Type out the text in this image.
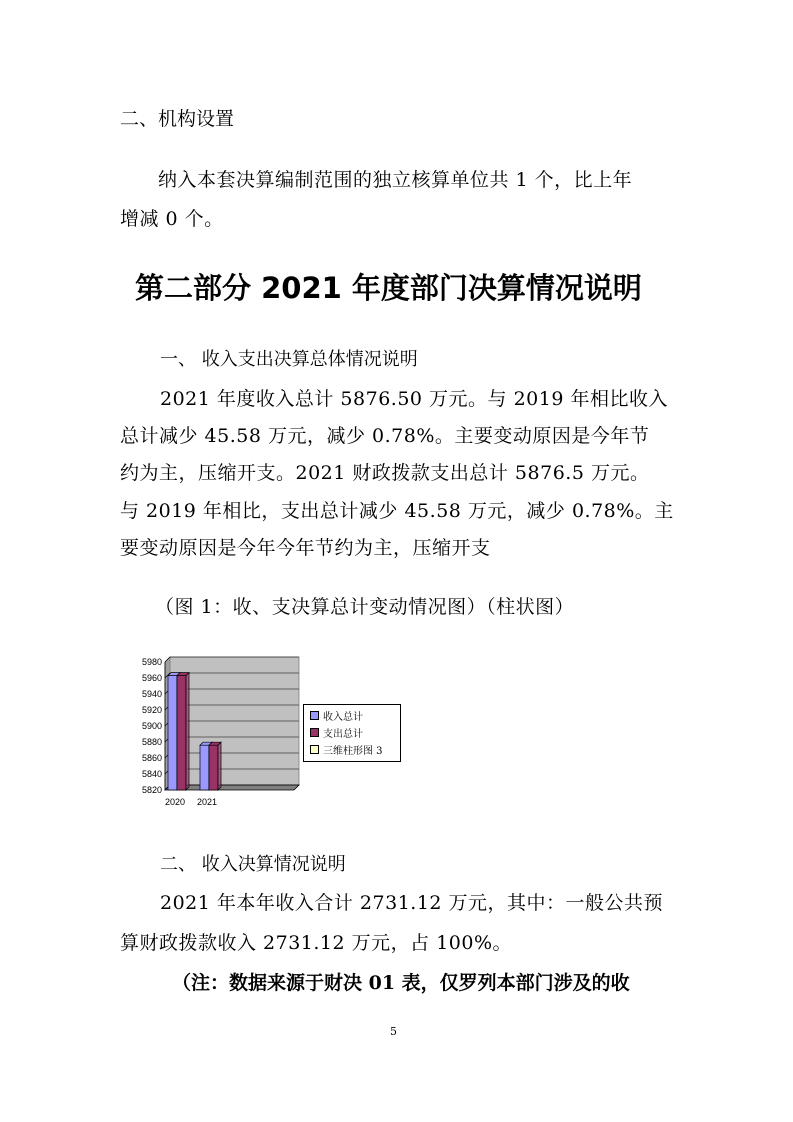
二、机构设置
纳入本套决算编制范围的独立核算单位共 1 个，比上年
增减 0 个。
第二部分 2021 年度部门决算情况说明
一、 收入支出决算总体情况说明
2021 年度收入总计 5876.50 万元。与 2019 年相比收入
总计减少 45.58 万元，减少 0.78%。主要变动原因是今年节
约为主，压缩开支。2021 财政拨款支出总计 5876.5 万元。
与 2019 年相比，支出总计减少 45.58 万元，减少 0.78%。主
要变动原因是今年今年节约为主，压缩开支
（图 1：收、支决算总计变动情况图）（柱状图）
5820
5840
5860
5880
5900
5920
5940
5960
5980
2020 2021
收入总计
支出总计
三维柱形图 3
二、 收入决算情况说明
2021 年本年收入合计 2731.12 万元，其中：一般公共预
算财政拨款收入 2731.12 万元，占 100%。
（注：数据来源于财决 01 表，仅罗列本部门涉及的收
5
